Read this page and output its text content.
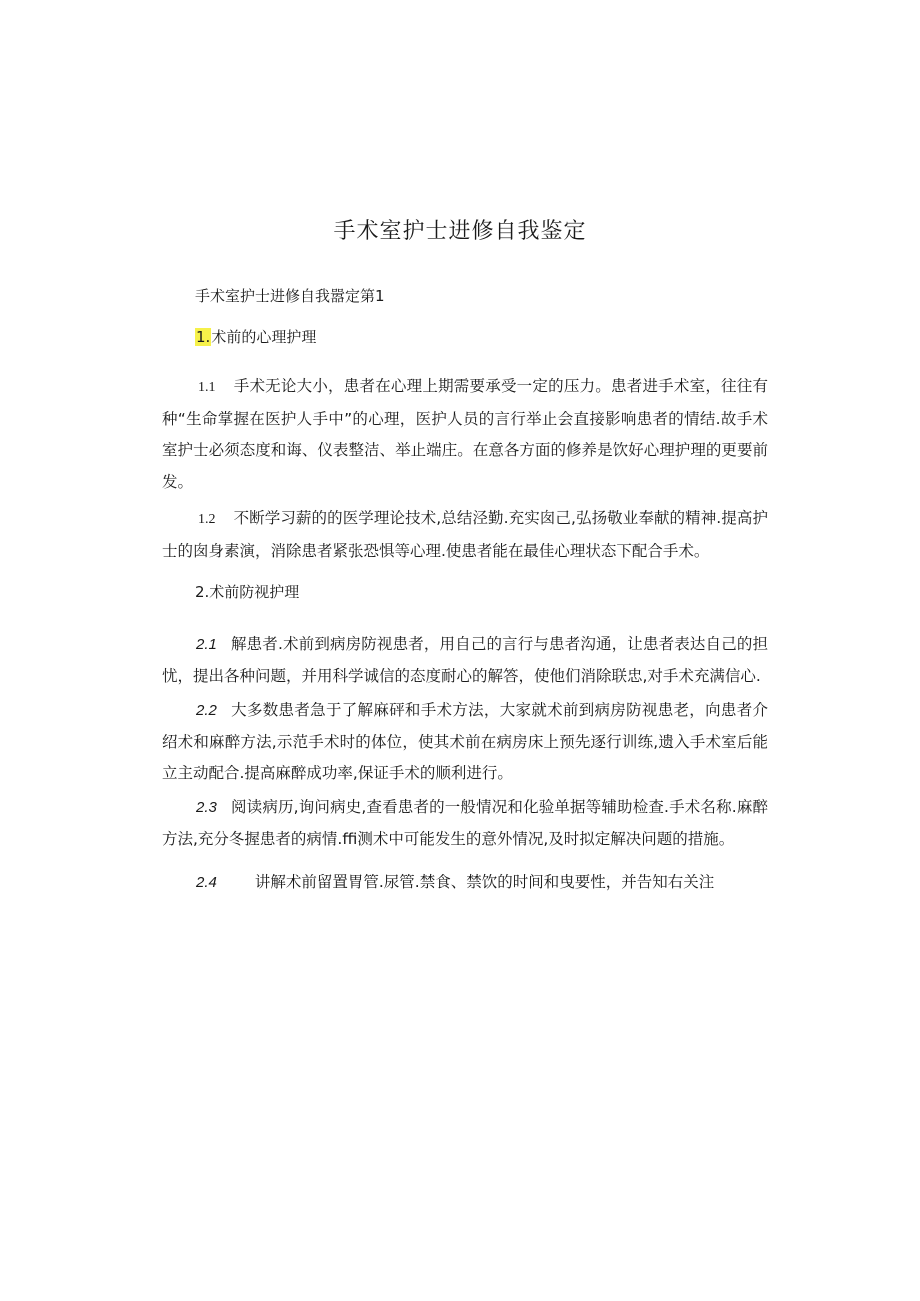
手术室护士进修自我鉴定
手术室护士进修自我嚣定第1
1.术前的心理护理
1.1 手术无论大小，患者在心理上期需要承受一定的压力。患者进手术室，往往有种“生命掌握在医护人手中”的心理，医护人员的言行举止会直接影响患者的情结.故手术室护士必须态度和诲、仪表整洁、举止端庄。在意各方面的修养是饮好心理护理的更要前发。
1.2 不断学习薪的的医学理论技术,总结泾勤.充实囱己,弘扬敬业奉献的精神.提高护士的囱身素演，消除患者紧张恐惧等心理.使患者能在最佳心理状态下配合手术。
2.术前防视护理
2.1 解患者.术前到病房防视患者，用自己的言行与患者沟通，让患者表达自己的担忧，提出各种问题，并用科学诚信的态度耐心的解答，使他们消除联忠,对手术充满信心.
2.2 大多数患者急于了解麻砰和手术方法，大家就术前到病房防视患老，向患者介绍术和麻醉方法,示范手术时的体位，使其术前在病房床上预先逐行训练,遗入手术室后能立主动配合.提高麻醉成功率,保证手术的顺利进行。
2.3 阅读病历,询问病史,查看患者的一般情况和化验单据等辅助检查.手术名称.麻醉方法,充分冬握患者的病情.ffi测术中可能发生的意外情况,及时拟定解决问题的措施。
2.4 讲解术前留置胃管.尿管.禁食、禁饮的时间和曳要性，并告知右关注
